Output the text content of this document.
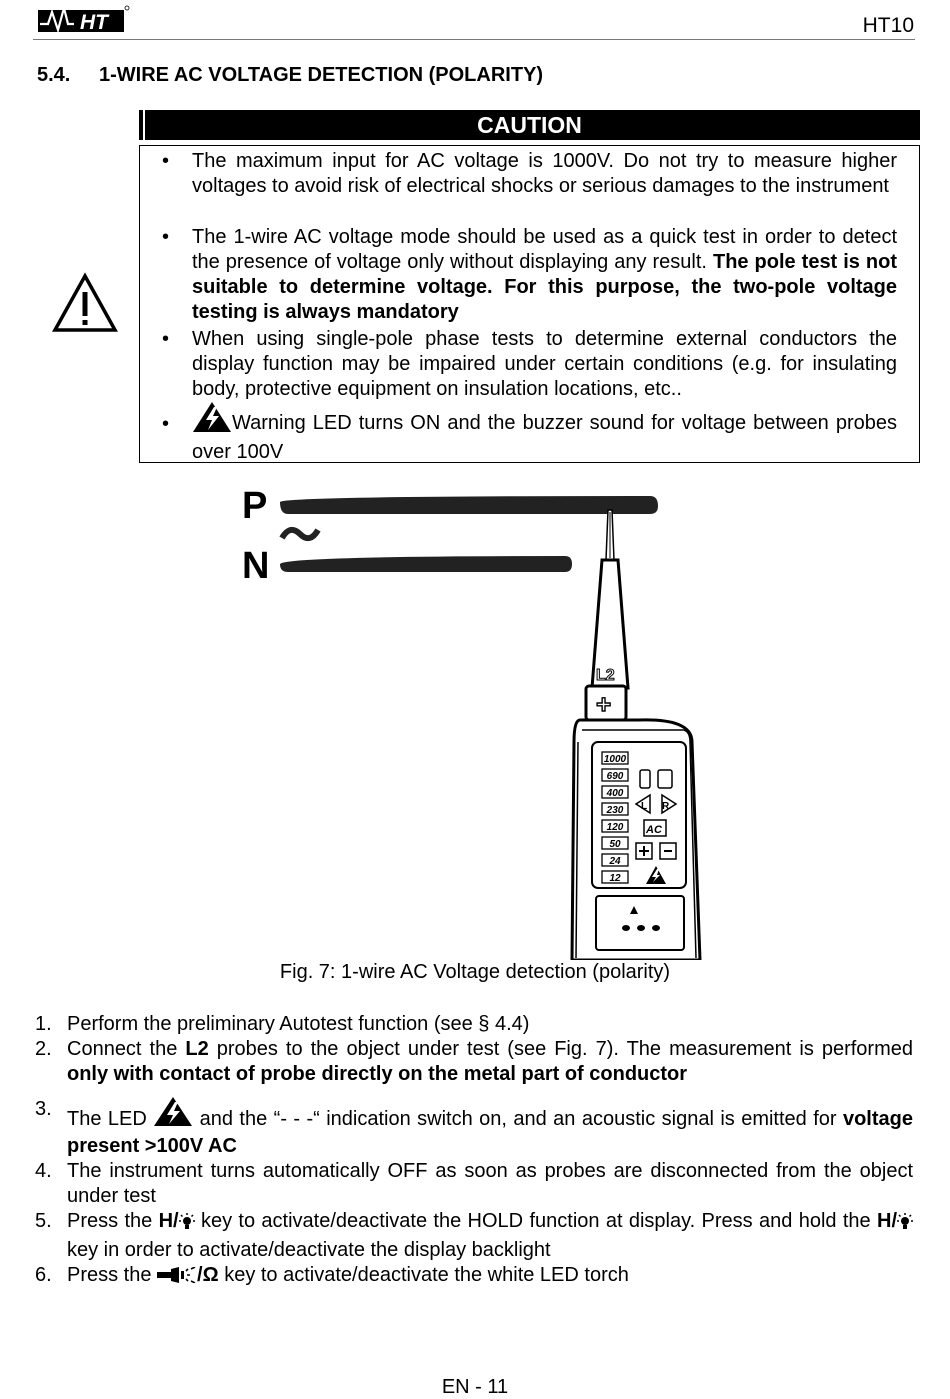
HT	HT10
5.4. 1-WIRE AC VOLTAGE DETECTION (POLARITY)
CAUTION
• The maximum input for AC voltage is 1000V. Do not try to measure higher voltages to avoid risk of electrical shocks or serious damages to the instrument
• The 1-wire AC voltage mode should be used as a quick test in order to detect the presence of voltage only without displaying any result. The pole test is not suitable to determine voltage. For this purpose, the two-pole voltage testing is always mandatory
• When using single-pole phase tests to determine external conductors the display function may be impaired under certain conditions (e.g. for insulating body, protective equipment on insulation locations, etc..
•	Warning LED turns ON and the buzzer sound for voltage between probes over 100V
P
N
L2
+
1000
690
400
230
120
50
24
12
L R
AC
Fig. 7: 1-wire AC Voltage detection (polarity)
1. Perform the preliminary Autotest function (see § 4.4)
2. Connect the L2 probes to the object under test (see Fig. 7). The measurement is performed only with contact of probe directly on the metal part of conductor
3. The LED  and the “- - -“ indication switch on, and an acoustic signal is emitted for voltage present >100V AC
4. The instrument turns automatically OFF as soon as probes are disconnected from the object under test
5. Press the H/ key to activate/deactivate the HOLD function at display. Press and hold the H/ key in order to activate/deactivate the display backlight
6. Press the /Ω key to activate/deactivate the white LED torch
EN - 11
